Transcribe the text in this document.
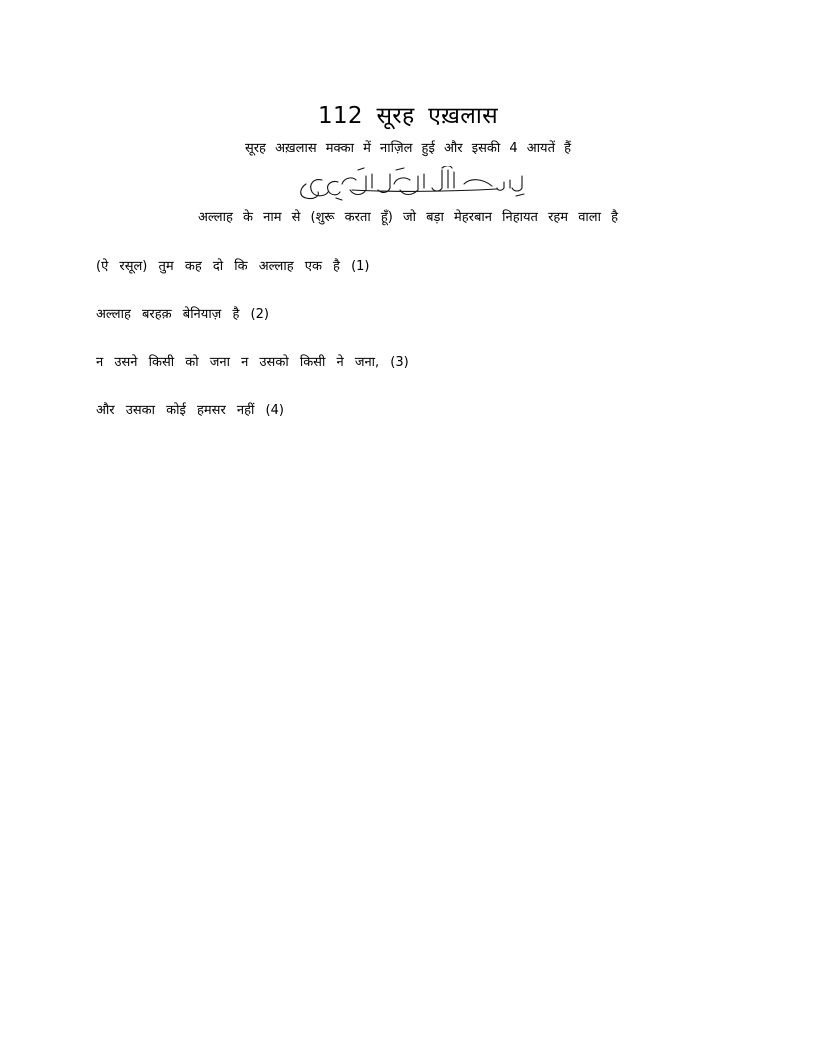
112 सूरह एख़लास
सूरह अख़लास मक्का में नाज़िल हुई और इसकी 4 आयतें हैं
अल्लाह के नाम से (शुरू करता हूँ) जो बड़ा मेहरबान निहायत रहम वाला है
(ऐ रसूल) तुम कह दो कि अल्लाह एक है (1)
अल्लाह बरहक़ बेनियाज़ है (2)
न उसने किसी को जना न उसको किसी ने जना, (3)
और उसका कोई हमसर नहीं (4)
